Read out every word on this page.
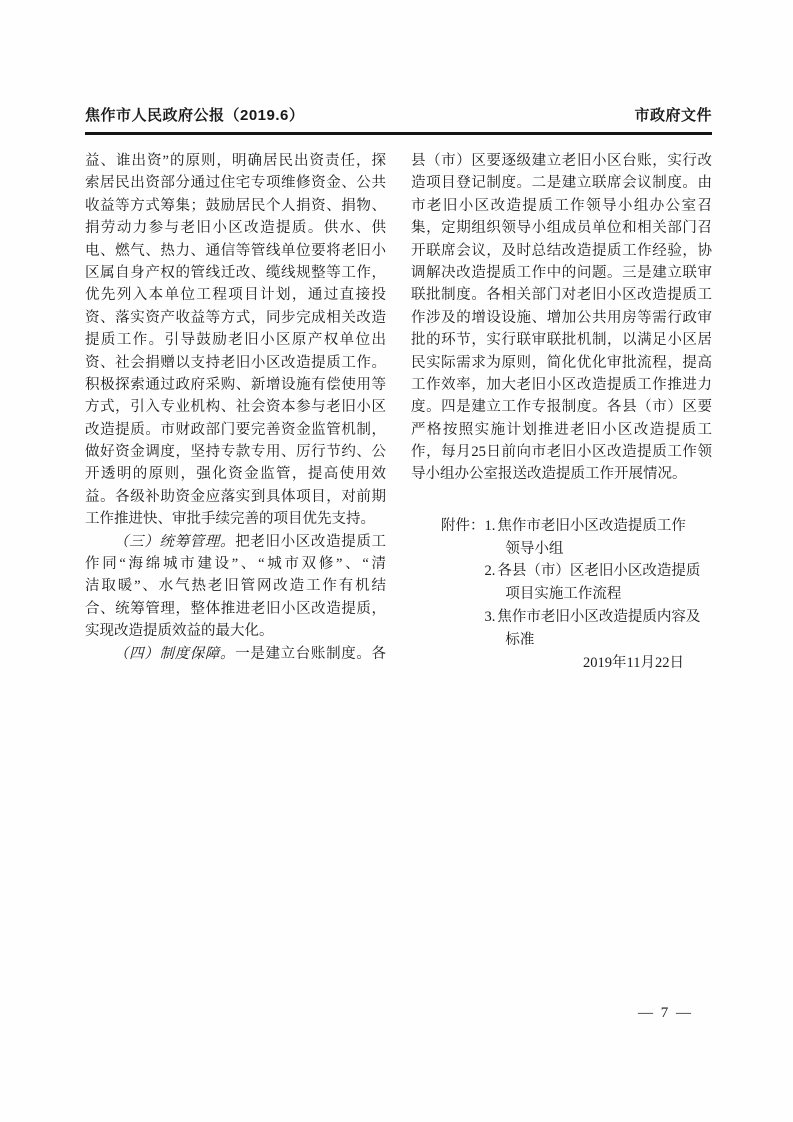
焦作市人民政府公报（2019.6）	市政府文件
益、谁出资”的原则，明确居民出资责任，探
索居民出资部分通过住宅专项维修资金、公共
收益等方式筹集；鼓励居民个人捐资、捐物、
捐劳动力参与老旧小区改造提质。供水、供
电、燃气、热力、通信等管线单位要将老旧小
区属自身产权的管线迁改、缆线规整等工作，
优先列入本单位工程项目计划，通过直接投
资、落实资产收益等方式，同步完成相关改造
提质工作。引导鼓励老旧小区原产权单位出
资、社会捐赠以支持老旧小区改造提质工作。
积极探索通过政府采购、新增设施有偿使用等
方式，引入专业机构、社会资本参与老旧小区
改造提质。市财政部门要完善资金监管机制，
做好资金调度，坚持专款专用、厉行节约、公
开透明的原则，强化资金监管，提高使用效
益。各级补助资金应落实到具体项目，对前期
工作推进快、审批手续完善的项目优先支持。
（三）统筹管理。把老旧小区改造提质工
作同“海绵城市建设”、“城市双修”、“清
洁取暖”、水气热老旧管网改造工作有机结
合、统筹管理，整体推进老旧小区改造提质，
实现改造提质效益的最大化。
（四）制度保障。一是建立台账制度。各
县（市）区要逐级建立老旧小区台账，实行改
造项目登记制度。二是建立联席会议制度。由
市老旧小区改造提质工作领导小组办公室召
集，定期组织领导小组成员单位和相关部门召
开联席会议，及时总结改造提质工作经验，协
调解决改造提质工作中的问题。三是建立联审
联批制度。各相关部门对老旧小区改造提质工
作涉及的增设设施、增加公共用房等需行政审
批的环节，实行联审联批机制，以满足小区居
民实际需求为原则，简化优化审批流程，提高
工作效率，加大老旧小区改造提质工作推进力
度。四是建立工作专报制度。各县（市）区要
严格按照实施计划推进老旧小区改造提质工
作，每月25日前向市老旧小区改造提质工作领
导小组办公室报送改造提质工作开展情况。
附件： 1. 焦作市老旧小区改造提质工作
领导小组
2. 各县（市）区老旧小区改造提质
项目实施工作流程
3. 焦作市老旧小区改造提质内容及
标准
2019年11月22日
— 7 —
